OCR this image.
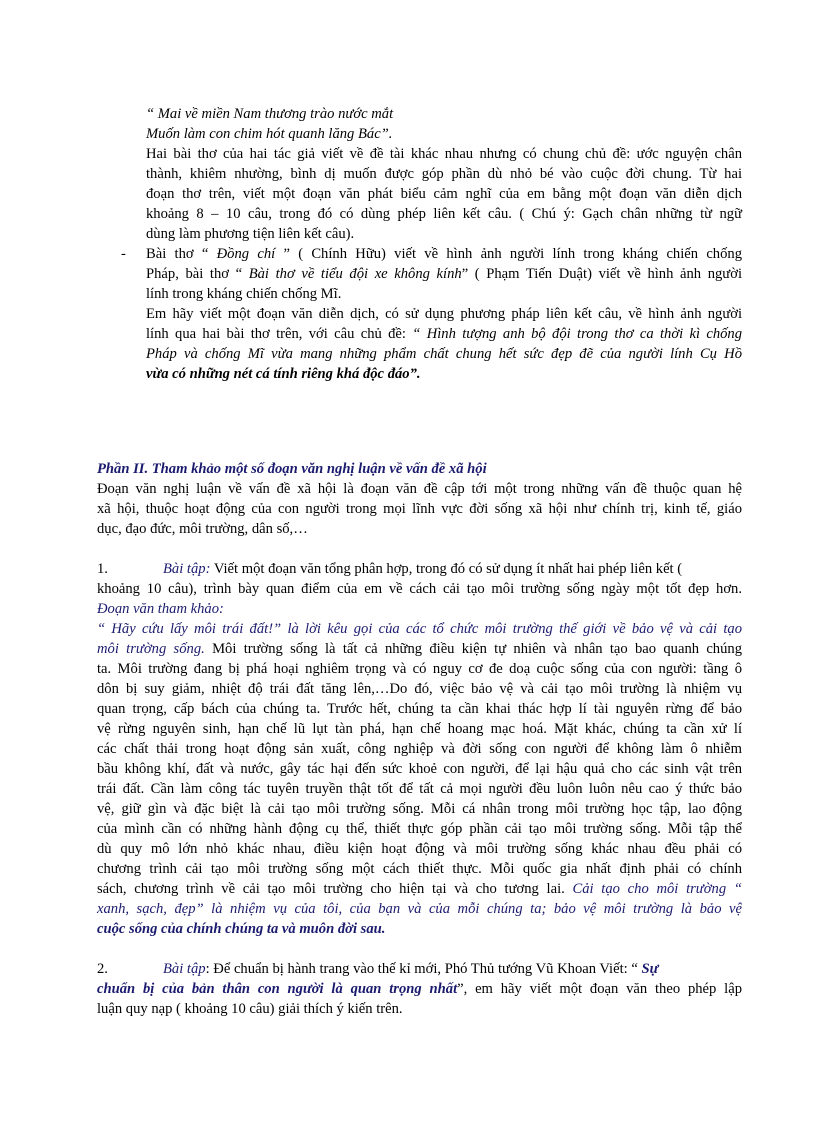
“ Mai về miền Nam thương trào nước mắt
Muốn làm con chim hót quanh lăng Bác”.
Hai bài thơ của hai tác giả viết về đề tài khác nhau nhưng có chung chủ đề: ước nguyện chân
thành, khiêm nhường, bình dị muốn được góp phần dù nhỏ bé vào cuộc đời chung. Từ hai
đoạn thơ trên, viết một đoạn văn phát biểu cảm nghĩ của em bằng một đoạn văn diễn dịch
khoảng 8 – 10 câu, trong đó có dùng phép liên kết câu. ( Chú ý: Gạch chân những từ ngữ
dùng làm phương tiện liên kết câu).
- Bài thơ “ Đồng chí ” ( Chính Hữu) viết về hình ảnh người lính trong kháng chiến chống
Pháp, bài thơ “ Bài thơ về tiểu đội xe không kính” ( Phạm Tiến Duật) viết về hình ảnh người
lính trong kháng chiến chống Mĩ.
Em hãy viết một đoạn văn diễn dịch, có sử dụng phương pháp liên kết câu, về hình ảnh người
lính qua hai bài thơ trên, với câu chủ đề: “ Hình tượng anh bộ đội trong thơ ca thời kì chống
Pháp và chống Mĩ vừa mang những phẩm chất chung hết sức đẹp đẽ của người lính Cụ Hồ
vừa có những nét cá tính riêng khá độc đáo”.
Phần II. Tham khảo một số đoạn văn nghị luận về vấn đề xã hội
Đoạn văn nghị luận về vấn đề xã hội là đoạn văn đề cập tới một trong những vấn đề thuộc quan hệ
xã hội, thuộc hoạt động của con người trong mọi lĩnh vực đời sống xã hội như chính trị, kinh tế, giáo
dục, đạo đức, môi trường, dân số,…
1.	Bài tập: Viết một đoạn văn tổng phân hợp, trong đó có sử dụng ít nhất hai phép liên kết (
khoảng 10 câu), trình bày quan điểm của em về cách cải tạo môi trường sống ngày một tốt đẹp hơn.
Đoạn văn tham khảo:
“ Hãy cứu lấy môi trái đất!” là lời kêu gọi của các tổ chức môi trường thế giới về bảo vệ và cải tạo
môi trường sống. Môi trường sống là tất cả những điều kiện tự nhiên và nhân tạo bao quanh chúng
ta. Môi trường đang bị phá hoại nghiêm trọng và có nguy cơ đe doạ cuộc sống của con người: tầng ô
dôn bị suy giảm, nhiệt độ trái đất tăng lên,…Do đó, việc bảo vệ và cải tạo môi trường là nhiệm vụ
quan trọng, cấp bách của chúng ta. Trước hết, chúng ta cần khai thác hợp lí tài nguyên rừng để bảo
vệ rừng nguyên sinh, hạn chế lũ lụt tàn phá, hạn chế hoang mạc hoá. Mặt khác, chúng ta cần xử lí
các chất thải trong hoạt động sản xuất, công nghiệp và đời sống con người để không làm ô nhiễm
bầu không khí, đất và nước, gây tác hại đến sức khoẻ con người, để lại hậu quả cho các sinh vật trên
trái đất. Cần làm công tác tuyên truyền thật tốt để tất cả mọi người đều luôn luôn nêu cao ý thức bảo
vệ, giữ gìn và đặc biệt là cải tạo môi trường sống. Mỗi cá nhân trong môi trường học tập, lao động
của mình cần có những hành động cụ thể, thiết thực góp phần cải tạo môi trường sống. Mỗi tập thể
dù quy mô lớn nhỏ khác nhau, điều kiện hoạt động và môi trường sống khác nhau đều phải có
chương trình cải tạo môi trường sống một cách thiết thực. Mỗi quốc gia nhất định phải có chính
sách, chương trình về cải tạo môi trường cho hiện tại và cho tương lai. Cải tạo cho môi trường “
xanh, sạch, đẹp” là nhiệm vụ của tôi, của bạn và của mỗi chúng ta; bảo vệ môi trường là bảo vệ
cuộc sống của chính chúng ta và muôn đời sau.
2.	Bài tập: Để chuẩn bị hành trang vào thế kỉ mới, Phó Thủ tướng Vũ Khoan Viết: “ Sự
chuẩn bị của bản thân con người là quan trọng nhất”, em hãy viết một đoạn văn theo phép lập
luận quy nạp ( khoảng 10 câu) giải thích ý kiến trên.
